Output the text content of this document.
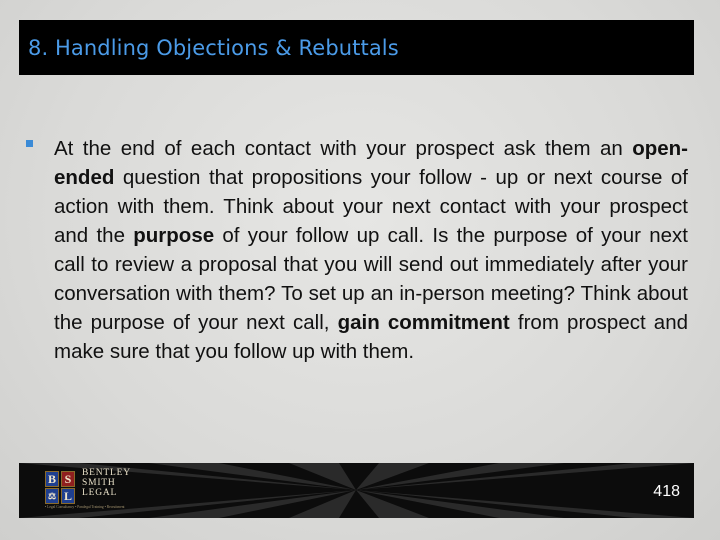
8. Handling Objections & Rebuttals

At the end of each contact with your prospect ask them an open-ended question that propositions your follow - up or next course of action with them. Think about your next contact with your prospect and the purpose of your follow up call. Is the purpose of your next call to review a proposal that you will send out immediately after your conversation with them? To set up an in-person meeting? Think about the purpose of your next call, gain commitment from prospect and make sure that you follow up with them.

B S
⚖ L
BENTLEY
SMITH
LEGAL
• Legal Consultancy • Paralegal Training • Recruitment
418
